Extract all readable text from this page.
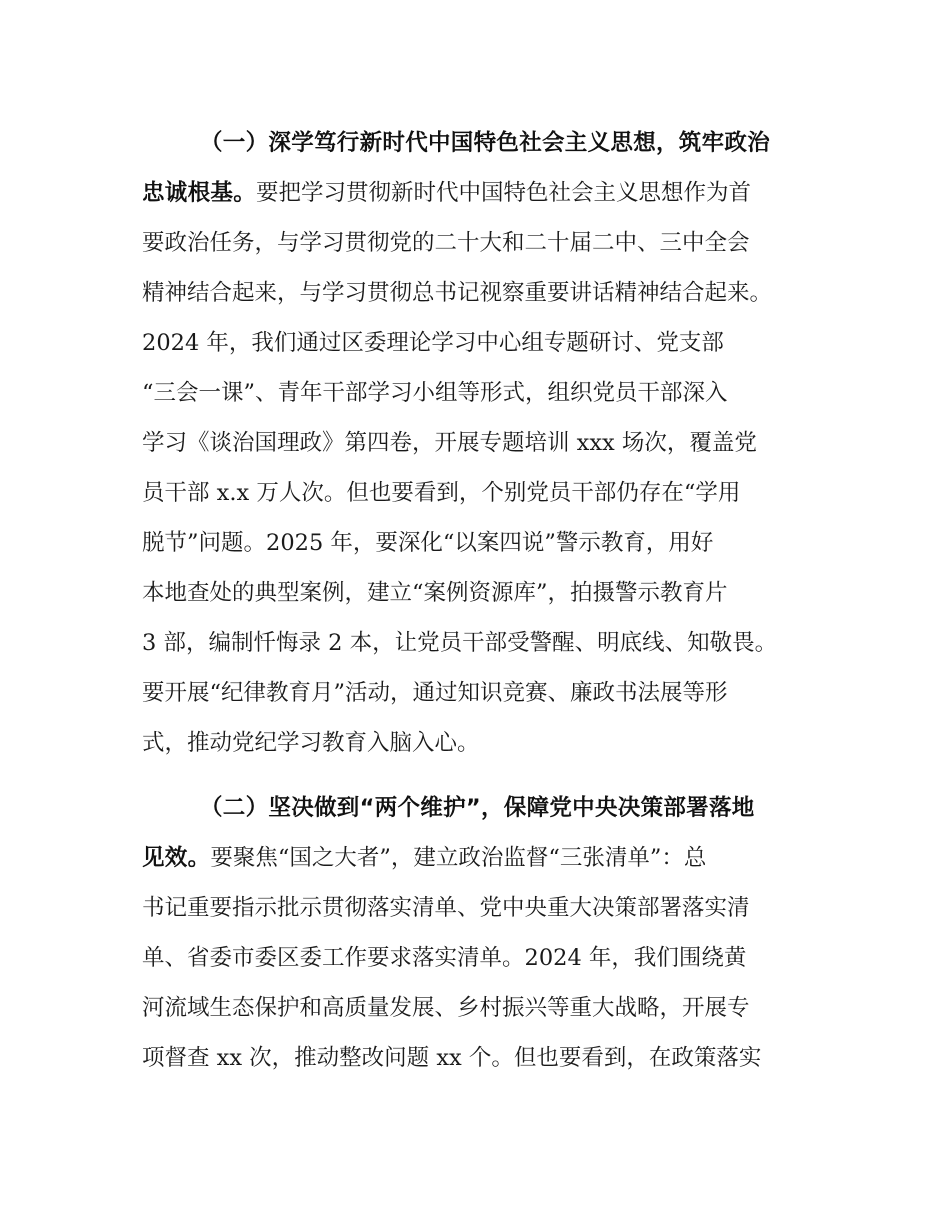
（一）深学笃行新时代中国特色社会主义思想，筑牢政治
忠诚根基。要把学习贯彻新时代中国特色社会主义思想作为首
要政治任务，与学习贯彻党的二十大和二十届二中、三中全会
精神结合起来，与学习贯彻总书记视察重要讲话精神结合起来。
2024 年，我们通过区委理论学习中心组专题研讨、党支部
“三会一课”、青年干部学习小组等形式，组织党员干部深入
学习《谈治国理政》第四卷，开展专题培训 xxx 场次，覆盖党
员干部 x.x 万人次。但也要看到，个别党员干部仍存在“学用
脱节”问题。2025 年，要深化“以案四说”警示教育，用好
本地查处的典型案例，建立“案例资源库”，拍摄警示教育片
3 部，编制忏悔录 2 本，让党员干部受警醒、明底线、知敬畏。
要开展“纪律教育月”活动，通过知识竞赛、廉政书法展等形
式，推动党纪学习教育入脑入心。
（二）坚决做到“两个维护”，保障党中央决策部署落地
见效。要聚焦“国之大者”，建立政治监督“三张清单”：总
书记重要指示批示贯彻落实清单、党中央重大决策部署落实清
单、省委市委区委工作要求落实清单。2024 年，我们围绕黄
河流域生态保护和高质量发展、乡村振兴等重大战略，开展专
项督查 xx 次，推动整改问题 xx 个。但也要看到，在政策落实
